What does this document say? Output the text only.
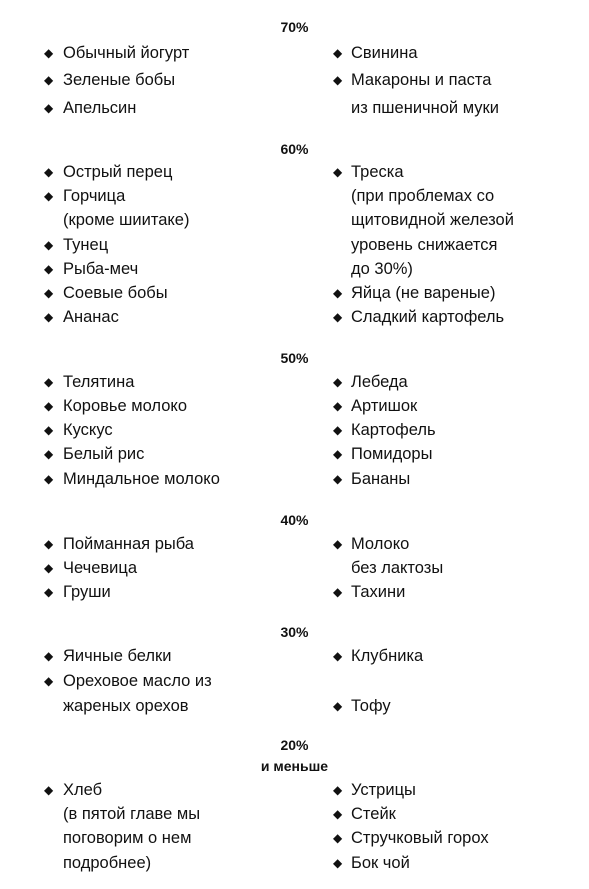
70%
◆ Обычный йогурт
◆ Зеленые бобы
◆ Апельсин
◆ Свинина
◆ Макароны и паста
из пшеничной муки
60%
◆ Острый перец
◆ Горчица
(кроме шиитаке)
◆ Тунец
◆ Рыба-меч
◆ Соевые бобы
◆ Ананас
◆ Треска
(при проблемах со
щитовидной железой
уровень снижается
до 30%)
◆ Яйца (не вареные)
◆ Сладкий картофель
50%
◆ Телятина
◆ Коровье молоко
◆ Кускус
◆ Белый рис
◆ Миндальное молоко
◆ Лебеда
◆ Артишок
◆ Картофель
◆ Помидоры
◆ Бананы
40%
◆ Пойманная рыба
◆ Чечевица
◆ Груши
◆ Молоко
без лактозы
◆ Тахини
30%
◆ Яичные белки
◆ Ореховое масло из
жареных орехов
◆ Клубника
◆ Тофу
20%
и меньше
◆ Хлеб
(в пятой главе мы
поговорим о нем
подробнее)
◆ Устрицы
◆ Стейк
◆ Стручковый горох
◆ Бок чой
